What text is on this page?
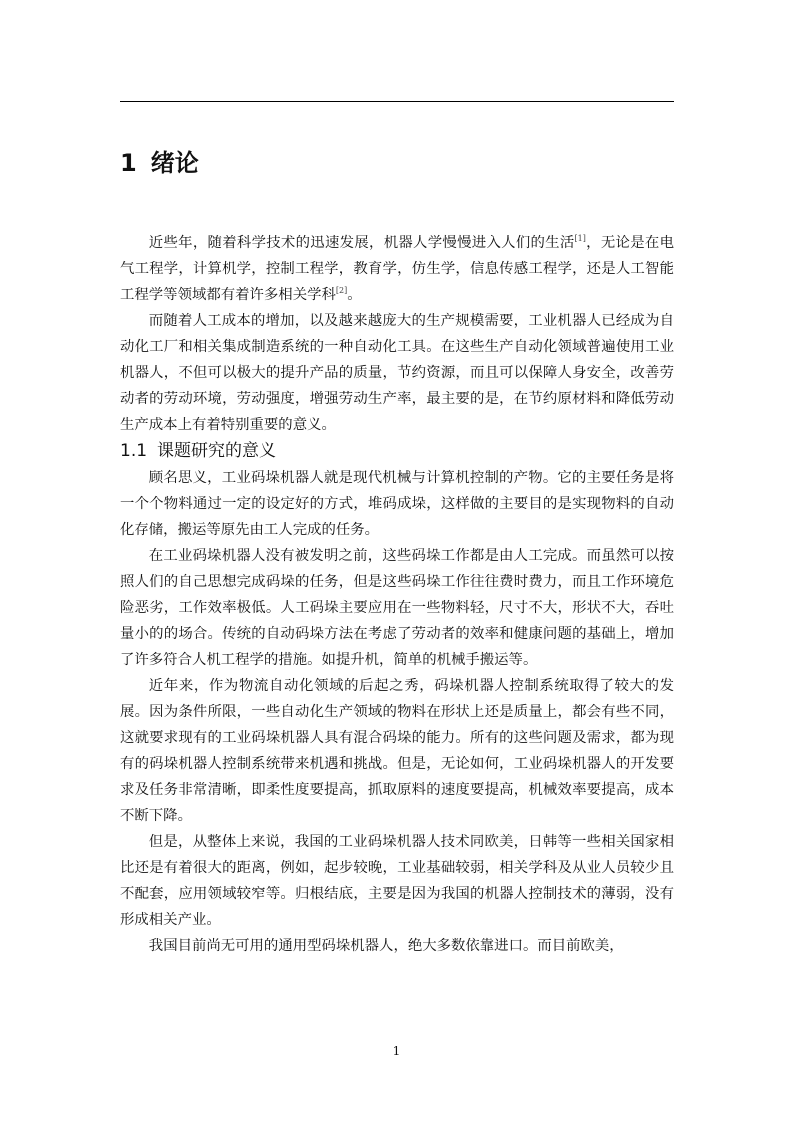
1 绪论

近些年，随着科学技术的迅速发展，机器人学慢慢进入人们的生活[1]，无论是在电气工程学，计算机学，控制工程学，教育学，仿生学，信息传感工程学，还是人工智能工程学等领域都有着许多相关学科[2]。

而随着人工成本的增加，以及越来越庞大的生产规模需要，工业机器人已经成为自动化工厂和相关集成制造系统的一种自动化工具。在这些生产自动化领域普遍使用工业机器人，不但可以极大的提升产品的质量，节约资源，而且可以保障人身安全，改善劳动者的劳动环境，劳动强度，增强劳动生产率，最主要的是，在节约原材料和降低劳动生产成本上有着特别重要的意义。

1.1 课题研究的意义

顾名思义，工业码垛机器人就是现代机械与计算机控制的产物。它的主要任务是将一个个物料通过一定的设定好的方式，堆码成垛，这样做的主要目的是实现物料的自动化存储，搬运等原先由工人完成的任务。

在工业码垛机器人没有被发明之前，这些码垛工作都是由人工完成。而虽然可以按照人们的自己思想完成码垛的任务，但是这些码垛工作往往费时费力，而且工作环境危险恶劣，工作效率极低。人工码垛主要应用在一些物料轻，尺寸不大，形状不大，吞吐量小的的场合。传统的自动码垛方法在考虑了劳动者的效率和健康问题的基础上，增加了许多符合人机工程学的措施。如提升机，简单的机械手搬运等。

近年来，作为物流自动化领域的后起之秀，码垛机器人控制系统取得了较大的发展。因为条件所限，一些自动化生产领域的物料在形状上还是质量上，都会有些不同，这就要求现有的工业码垛机器人具有混合码垛的能力。所有的这些问题及需求，都为现有的码垛机器人控制系统带来机遇和挑战。但是，无论如何，工业码垛机器人的开发要求及任务非常清晰，即柔性度要提高，抓取原料的速度要提高，机械效率要提高，成本不断下降。

但是，从整体上来说，我国的工业码垛机器人技术同欧美，日韩等一些相关国家相比还是有着很大的距离，例如，起步较晚，工业基础较弱，相关学科及从业人员较少且不配套，应用领域较窄等。归根结底，主要是因为我国的机器人控制技术的薄弱，没有形成相关产业。

我国目前尚无可用的通用型码垛机器人，绝大多数依靠进口。而目前欧美，

1
